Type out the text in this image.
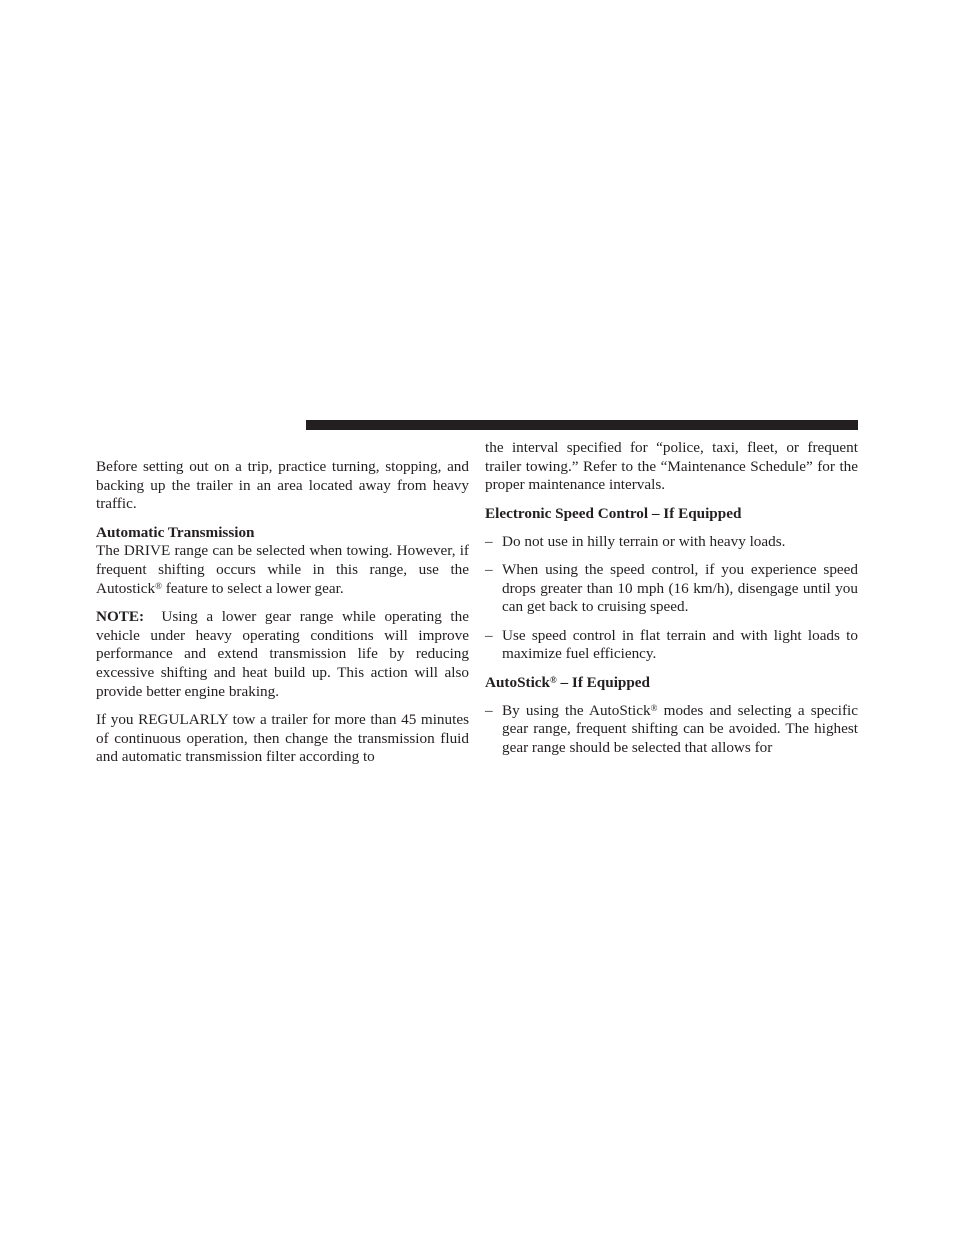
Before setting out on a trip, practice turning, stopping, and backing up the trailer in an area located away from heavy traffic.

Automatic Transmission

The DRIVE range can be selected when towing. However, if frequent shifting occurs while in this range, use the Autostick® feature to select a lower gear.

NOTE: Using a lower gear range while operating the vehicle under heavy operating conditions will improve performance and extend transmission life by reducing excessive shifting and heat build up. This action will also provide better engine braking.

If you REGULARLY tow a trailer for more than 45 minutes of continuous operation, then change the transmission fluid and automatic transmission filter according to

the interval specified for “police, taxi, fleet, or frequent trailer towing.” Refer to the “Maintenance Schedule” for the proper maintenance intervals.

Electronic Speed Control – If Equipped
– Do not use in hilly terrain or with heavy loads.
– When using the speed control, if you experience speed drops greater than 10 mph (16 km/h), disengage until you can get back to cruising speed.
– Use speed control in flat terrain and with light loads to maximize fuel efficiency.
AutoStick® – If Equipped
– By using the AutoStick® modes and selecting a specific gear range, frequent shifting can be avoided. The highest gear range should be selected that allows for
